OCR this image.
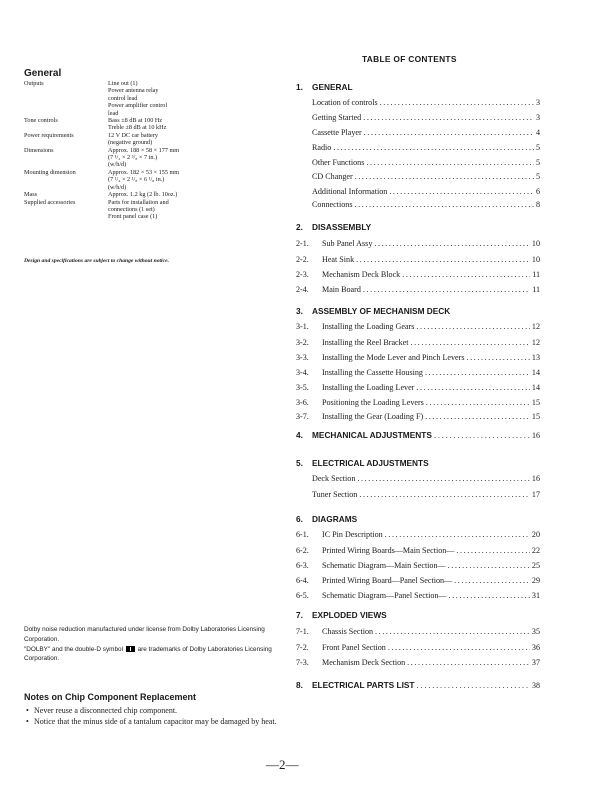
General
Outputs	Line out (1)
Power antenna relay
control lead
Power amplifier control
lead
Tone controls	Bass ±8 dB at 100 Hz
Treble ±8 dB at 10 kHz
Power requirements	12 V DC car battery
(negative ground)
Dimensions	Approx. 188 × 58 × 177 mm
(7 ¹/₂ × 2 ³/₈ × 7 in.)
(w/h/d)
Mounting dimension	Approx. 182 × 53 × 155 mm
(7 ¹/₄ × 2 ¹/₈ × 6 ¹/₈ in.)
(w/h/d)
Mass	Approx. 1.2 kg (2 lb. 10oz.)
Supplied accessories	Parts for installation and
connections (1 set)
Front panel case (1)
Design and specifications are subject to change without notice.
Dolby noise reduction manufactured under license from Dolby Laboratories Licensing Corporation.
"DOLBY" and the double-D symbol are trademarks of Dolby Laboratories Licensing Corporation.
Notes on Chip Component Replacement
• Never reuse a disconnected chip component.
• Notice that the minus side of a tantalum capacitor may be damaged by heat.
TABLE OF CONTENTS
1. GENERAL
Location of controls .....	3
Getting Started .....	3
Cassette Player .....	4
Radio .....	5
Other Functions .....	5
CD Changer .....	5
Additional Information .....	6
Connections .....	8
2. DISASSEMBLY
2-1.	Sub Panel Assy .....	10
2-2.	Heat Sink .....	10
2-3.	Mechanism Deck Block .....	11
2-4.	Main Board .....	11
3. ASSEMBLY OF MECHANISM DECK
3-1.	Installing the Loading Gears .....	12
3-2.	Installing the Reel Bracket .....	12
3-3.	Installing the Mode Lever and Pinch Levers .....	13
3-4.	Installing the Cassette Housing .....	14
3-5.	Installing the Loading Lever .....	14
3-6.	Positioning the Loading Levers .....	15
3-7.	Installing the Gear (Loading F) .....	15
4.	MECHANICAL ADJUSTMENTS .....	16
5. ELECTRICAL ADJUSTMENTS
Deck Section .....	16
Tuner Section .....	17
6. DIAGRAMS
6-1.	IC Pin Description .....	20
6-2.	Printed Wiring Boards—Main Section— .....	22
6-3.	Schematic Diagram—Main Section— .....	25
6-4.	Printed Wiring Board—Panel Section— .....	29
6-5.	Schematic Diagram—Panel Section— .....	31
7. EXPLODED VIEWS
7-1.	Chassis Section .....	35
7-2.	Front Panel Section .....	36
7-3.	Mechanism Deck Section .....	37
8.	ELECTRICAL PARTS LIST .....	38
—2—
